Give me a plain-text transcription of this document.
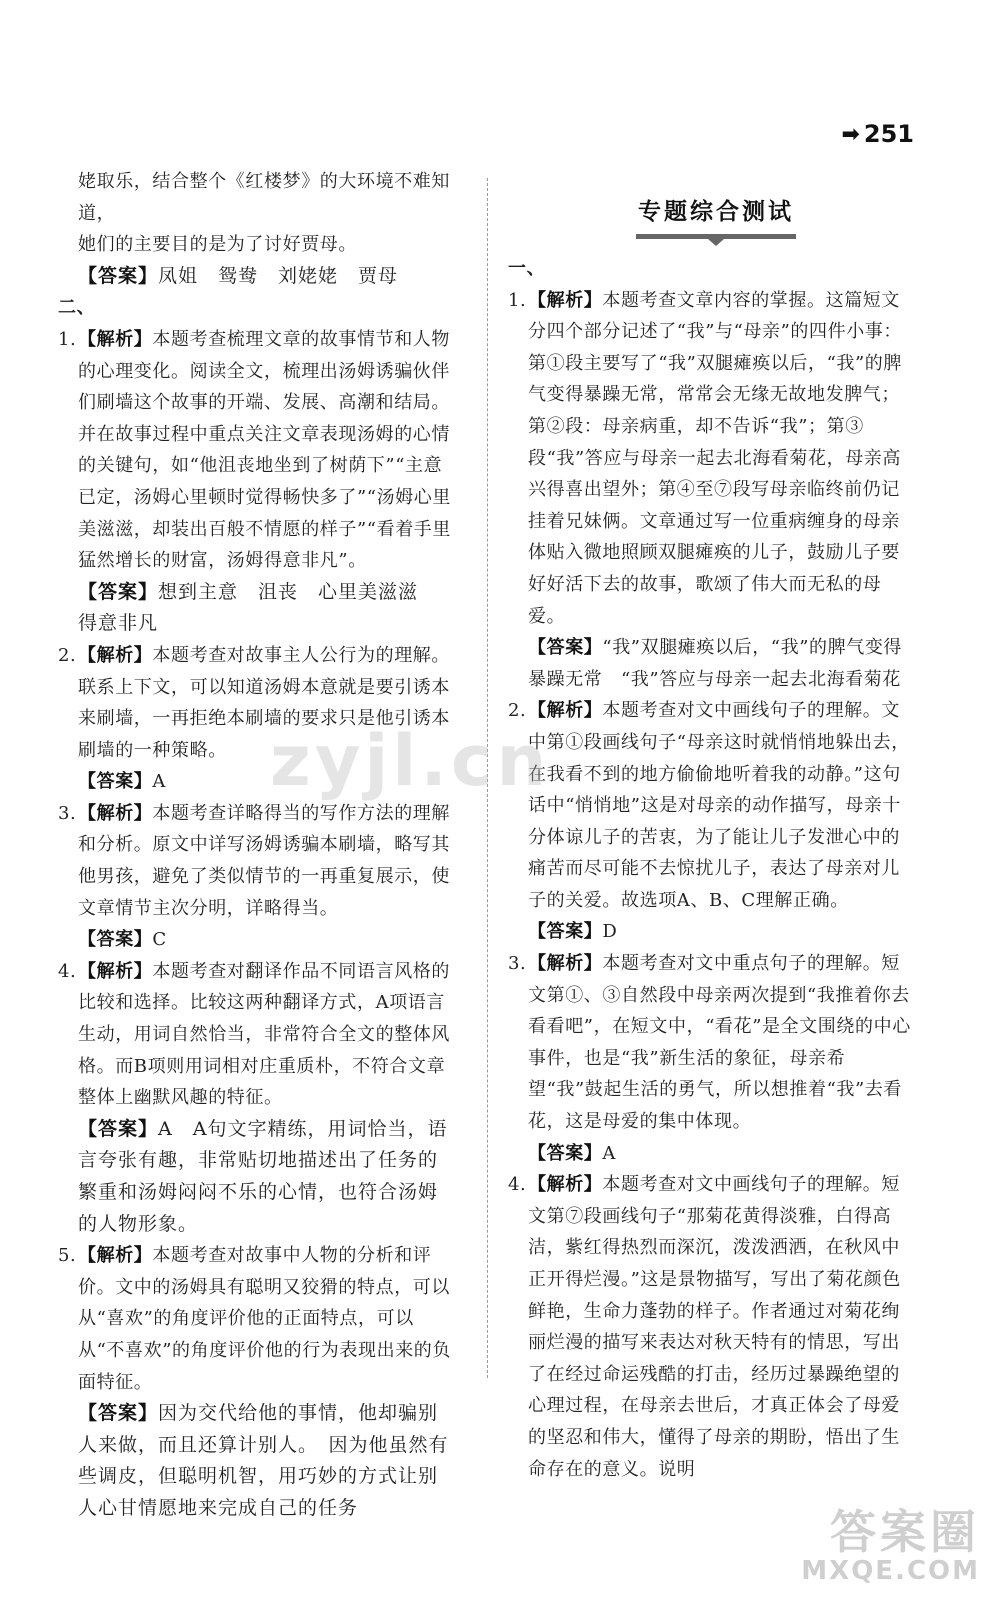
➡ 251

姥取乐，结合整个《红楼梦》的大环境不难知道，

她们的主要目的是为了讨好贾母。

【答案】凤姐　鸳鸯　刘姥姥　贾母

二、

1. 【解析】本题考查梳理文章的故事情节和人物的心理变化。阅读全文，梳理出汤姆诱骗伙伴们刷墙这个故事的开端、发展、高潮和结局。并在故事过程中重点关注文章表现汤姆的心情的关键句，如“他沮丧地坐到了树荫下”“主意已定，汤姆心里顿时觉得畅快多了”“汤姆心里美滋滋，却装出百般不情愿的样子”“看着手里猛然增长的财富，汤姆得意非凡”。

【答案】想到主意　沮丧　心里美滋滋　得意非凡

2. 【解析】本题考查对故事主人公行为的理解。联系上下文，可以知道汤姆本意就是要引诱本来刷墙，一再拒绝本刷墙的要求只是他引诱本刷墙的一种策略。

【答案】A

3. 【解析】本题考查详略得当的写作方法的理解和分析。原文中详写汤姆诱骗本刷墙，略写其他男孩，避免了类似情节的一再重复展示，使文章情节主次分明，详略得当。

【答案】C

4. 【解析】本题考查对翻译作品不同语言风格的比较和选择。比较这两种翻译方式，A项语言生动，用词自然恰当，非常符合全文的整体风格。而B项则用词相对庄重质朴，不符合文章整体上幽默风趣的特征。

【答案】A　A句文字精练，用词恰当，语言夸张有趣，非常贴切地描述出了任务的繁重和汤姆闷闷不乐的心情，也符合汤姆的人物形象。

5. 【解析】本题考查对故事中人物的分析和评价。文中的汤姆具有聪明又狡猾的特点，可以从“喜欢”的角度评价他的正面特点，可以从“不喜欢”的角度评价他的行为表现出来的负面特征。

【答案】因为交代给他的事情，他却骗别人来做，而且还算计别人。　因为他虽然有些调皮，但聪明机智，用巧妙的方式让别人心甘情愿地来完成自己的任务

专题综合测试

一、

1. 【解析】本题考查文章内容的掌握。这篇短文分四个部分记述了“我”与“母亲”的四件小事：第①段主要写了“我”双腿瘫痪以后，“我”的脾气变得暴躁无常，常常会无缘无故地发脾气；第②段：母亲病重，却不告诉“我”；第③段“我”答应与母亲一起去北海看菊花，母亲高兴得喜出望外；第④至⑦段写母亲临终前仍记挂着兄妹俩。文章通过写一位重病缠身的母亲体贴入微地照顾双腿瘫痪的儿子，鼓励儿子要好好活下去的故事，歌颂了伟大而无私的母爱。

【答案】“我”双腿瘫痪以后，“我”的脾气变得暴躁无常　“我”答应与母亲一起去北海看菊花

2. 【解析】本题考查对文中画线句子的理解。文中第①段画线句子“母亲这时就悄悄地躲出去，在我看不到的地方偷偷地听着我的动静。”这句话中“悄悄地”这是对母亲的动作描写，母亲十分体谅儿子的苦衷，为了能让儿子发泄心中的痛苦而尽可能不去惊扰儿子，表达了母亲对儿子的关爱。故选项A、B、C理解正确。

【答案】D

3. 【解析】本题考查对文中重点句子的理解。短文第①、③自然段中母亲两次提到“我推着你去看看吧”，在短文中，“看花”是全文围绕的中心事件，也是“我”新生活的象征，母亲希望“我”鼓起生活的勇气，所以想推着“我”去看花，这是母爱的集中体现。

【答案】A

4. 【解析】本题考查对文中画线句子的理解。短文第⑦段画线句子“那菊花黄得淡雅，白得高洁，紫红得热烈而深沉，泼泼洒洒，在秋风中正开得烂漫。”这是景物描写，写出了菊花颜色鲜艳，生命力蓬勃的样子。作者通过对菊花绚丽烂漫的描写来表达对秋天特有的情思，写出了在经过命运残酷的打击，经历过暴躁绝望的心理过程，在母亲去世后，才真正体会了母爱的坚忍和伟大，懂得了母亲的期盼，悟出了生命存在的意义。说明
zyjl.cn
答案圈
MXQE.COM
